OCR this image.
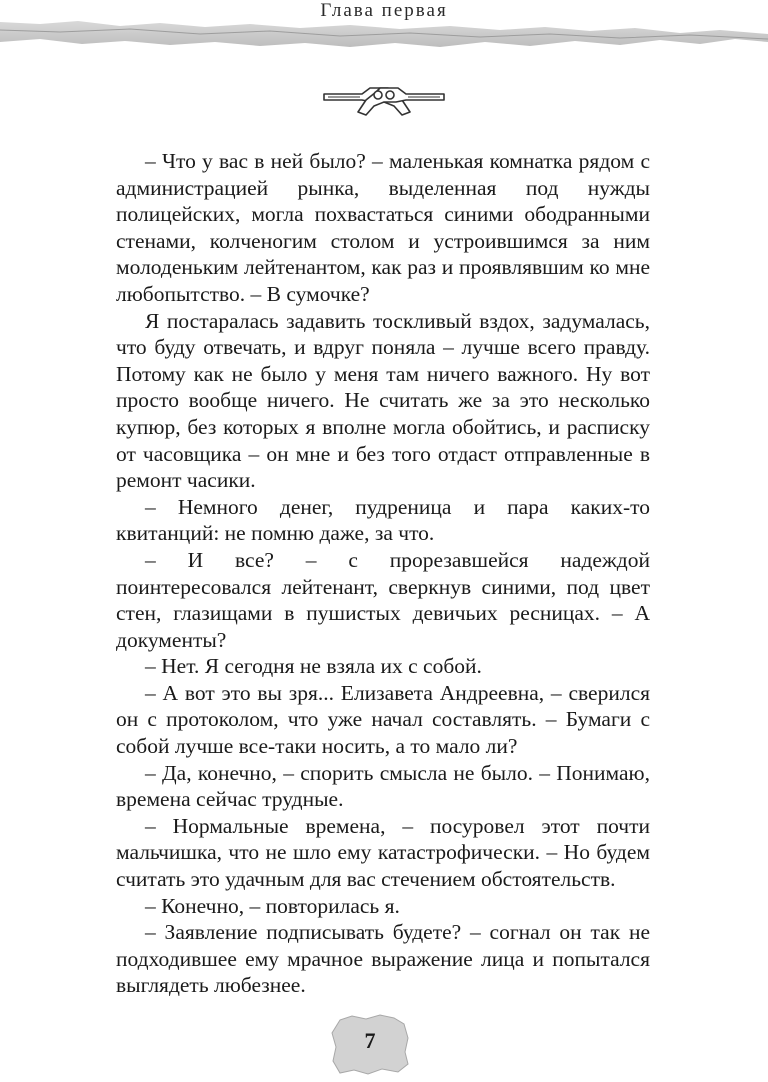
Глава первая

– Что у вас в ней было? – маленькая комнатка рядом с администрацией рынка, выделенная под нужды полицейских, могла похвастаться синими ободранными стенами, колченогим столом и устроившимся за ним молоденьким лейтенантом, как раз и проявлявшим ко мне любопытство. – В сумочке?

Я постаралась задавить тоскливый вздох, задумалась, что буду отвечать, и вдруг поняла – лучше всего правду. Потому как не было у меня там ничего важного. Ну вот просто вообще ничего. Не считать же за это несколько купюр, без которых я вполне могла обойтись, и расписку от часовщика – он мне и без того отдаст отправленные в ремонт часики.

– Немного денег, пудреница и пара каких-то квитанций: не помню даже, за что.

– И все? – с прорезавшейся надеждой поинтересовался лейтенант, сверкнув синими, под цвет стен, глазищами в пушистых девичьих ресницах. – А документы?

– Нет. Я сегодня не взяла их с собой.

– А вот это вы зря... Елизавета Андреевна, – сверился он с протоколом, что уже начал составлять. – Бумаги с собой лучше все-таки носить, а то мало ли?

– Да, конечно, – спорить смысла не было. – Понимаю, времена сейчас трудные.

– Нормальные времена, – посуровел этот почти мальчишка, что не шло ему катастрофически. – Но будем считать это удачным для вас стечением обстоятельств.

– Конечно, – повторилась я.

– Заявление подписывать будете? – согнал он так не подходившее ему мрачное выражение лица и попытался выглядеть любезнее.

7
